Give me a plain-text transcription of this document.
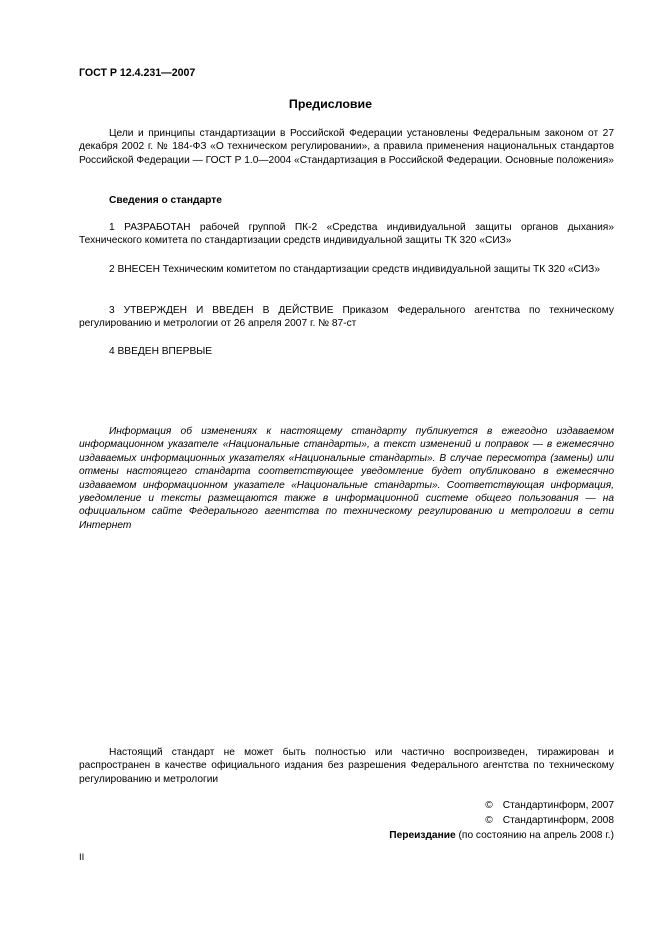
ГОСТ Р 12.4.231—2007
Предисловие

Цели и принципы стандартизации в Российской Федерации установлены Федеральным законом от 27 декабря 2002 г. № 184-ФЗ «О техническом регулировании», а правила применения национальных стандартов Российской Федерации — ГОСТ Р 1.0—2004 «Стандартизация в Российской Федерации. Основные положения»

Сведения о стандарте

1 РАЗРАБОТАН рабочей группой ПК-2 «Средства индивидуальной защиты органов дыхания» Технического комитета по стандартизации средств индивидуальной защиты ТК 320 «СИЗ»

2 ВНЕСЕН Техническим комитетом по стандартизации средств индивидуальной защиты ТК 320 «СИЗ»

3 УТВЕРЖДЕН И ВВЕДЕН В ДЕЙСТВИЕ Приказом Федерального агентства по техническому регулированию и метрологии от 26 апреля 2007 г. № 87-ст

4 ВВЕДЕН ВПЕРВЫЕ

Информация об изменениях к настоящему стандарту публикуется в ежегодно издаваемом информационном указателе «Национальные стандарты», а текст изменений и поправок — в ежемесячно издаваемых информационных указателях «Национальные стандарты». В случае пересмотра (замены) или отмены настоящего стандарта соответствующее уведомление будет опубликовано в ежемесячно издаваемом информационном указателе «Национальные стандарты». Соответствующая информация, уведомление и тексты размещаются также в информационной системе общего пользования — на официальном сайте Федерального агентства по техническому регулированию и метрологии в сети Интернет

Настоящий стандарт не может быть полностью или частично воспроизведен, тиражирован и распространен в качестве официального издания без разрешения Федерального агентства по техническому регулированию и метрологии

© Стандартинформ, 2007
© Стандартинформ, 2008
Переиздание (по состоянию на апрель 2008 г.)
II
